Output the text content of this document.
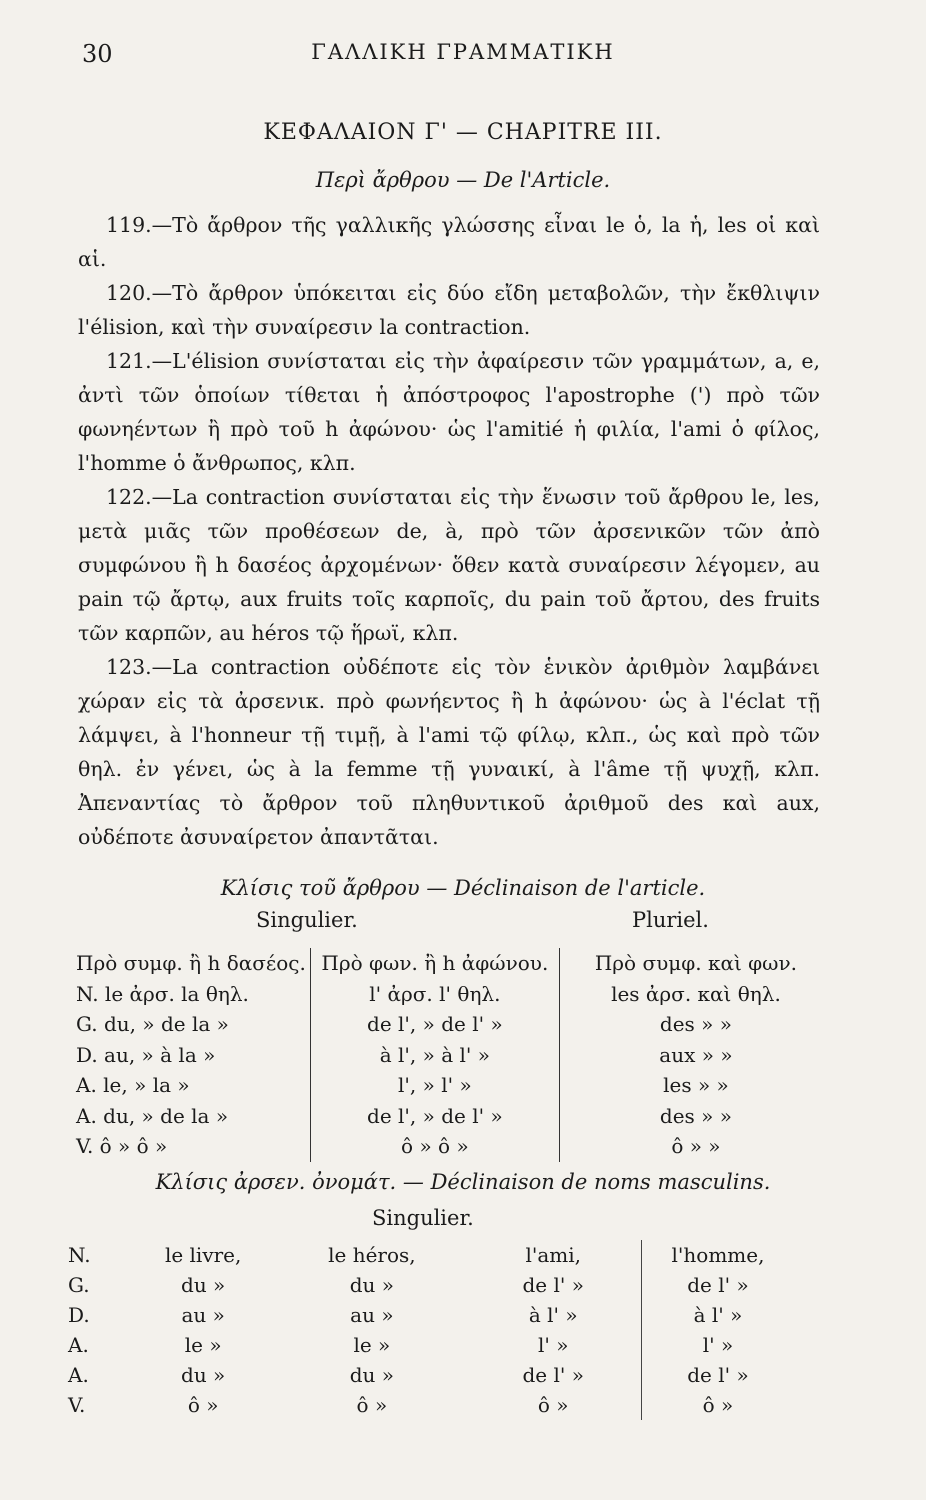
30	ΓΑΛΛΙΚΗ ΓΡΑΜΜΑΤΙΚΗ
ΚΕΦΑΛΑΙΟΝ Γ' — CHAPITRE III.
Περὶ ἄρθρου — De l'Article.

119.—Τὸ ἄρθρον τῆς γαλλικῆς γλώσσης εἶναι le ὁ, la ἡ, les οἱ καὶ αἱ.

120.—Τὸ ἄρθρον ὑπόκειται εἰς δύο εἴδη μεταβολῶν, τὴν ἔκθλιψιν l'élision, καὶ τὴν συναίρεσιν la contraction.

121.—L'élision συνίσταται εἰς τὴν ἀφαίρεσιν τῶν γραμμάτων, a, e, ἀντὶ τῶν ὁποίων τίθεται ἡ ἀπόστροφος l'apostrophe (') πρὸ τῶν φωνηέντων ἢ πρὸ τοῦ h ἀφώνου· ὡς l'amitié ἡ φιλία, l'ami ὁ φίλος, l'homme ὁ ἄνθρωπος, κλπ.

122.—La contraction συνίσταται εἰς τὴν ἕνωσιν τοῦ ἄρθρου le, les, μετὰ μιᾶς τῶν προθέσεων de, à, πρὸ τῶν ἀρσενικῶν τῶν ἀπὸ συμφώνου ἢ h δασέος ἀρχομένων· ὅθεν κατὰ συναίρεσιν λέγομεν, au pain τῷ ἄρτῳ, aux fruits τοῖς καρποῖς, du pain τοῦ ἄρτου, des fruits τῶν καρπῶν, au héros τῷ ἥρωϊ, κλπ.

123.—La contraction οὐδέποτε εἰς τὸν ἑνικὸν ἀριθμὸν λαμβάνει χώραν εἰς τὰ ἀρσενικ. πρὸ φωνήεντος ἢ h ἀφώνου· ὡς à l'éclat τῇ λάμψει, à l'honneur τῇ τιμῇ, à l'ami τῷ φίλῳ, κλπ., ὡς καὶ πρὸ τῶν θηλ. ἐν γένει, ὡς à la femme τῇ γυναικί, à l'âme τῇ ψυχῇ, κλπ. Ἀπεναντίας τὸ ἄρθρον τοῦ πληθυντικοῦ ἀριθμοῦ des καὶ aux, οὐδέποτε ἀσυναίρετον ἀπαντᾶται.

Κλίσις τοῦ ἄρθρου — Déclinaison de l'article.
Singulier.	Pluriel.
Πρὸ συμφ. ἢ h δασέος.	Πρὸ φων. ἢ h ἀφώνου.	Πρὸ συμφ. καὶ φων.
N. le ἀρσ. la θηλ.	l' ἀρσ. l' θηλ.	les ἀρσ. καὶ θηλ.
G. du, » de la »	de l', » de l' »	des » »
D. au, » à la »	à l', » à l' »	aux » »
A. le, » la »	l', » l' »	les » »
A. du, » de la »	de l', » de l' »	des » »
V. ô » ô »	ô » ô »	ô » »
Κλίσις ἀρσεν. ὀνομάτ. — Déclinaison de noms masculins.
Singulier.
N.	le livre,	le héros,	l'ami,	l'homme,
G.	du »	du »	de l' »	de l' »
D.	au »	au »	à l' »	à l' »
A.	le »	le »	l' »	l' »
A.	du »	du »	de l' »	de l' »
V.	ô »	ô »	ô »	ô »
